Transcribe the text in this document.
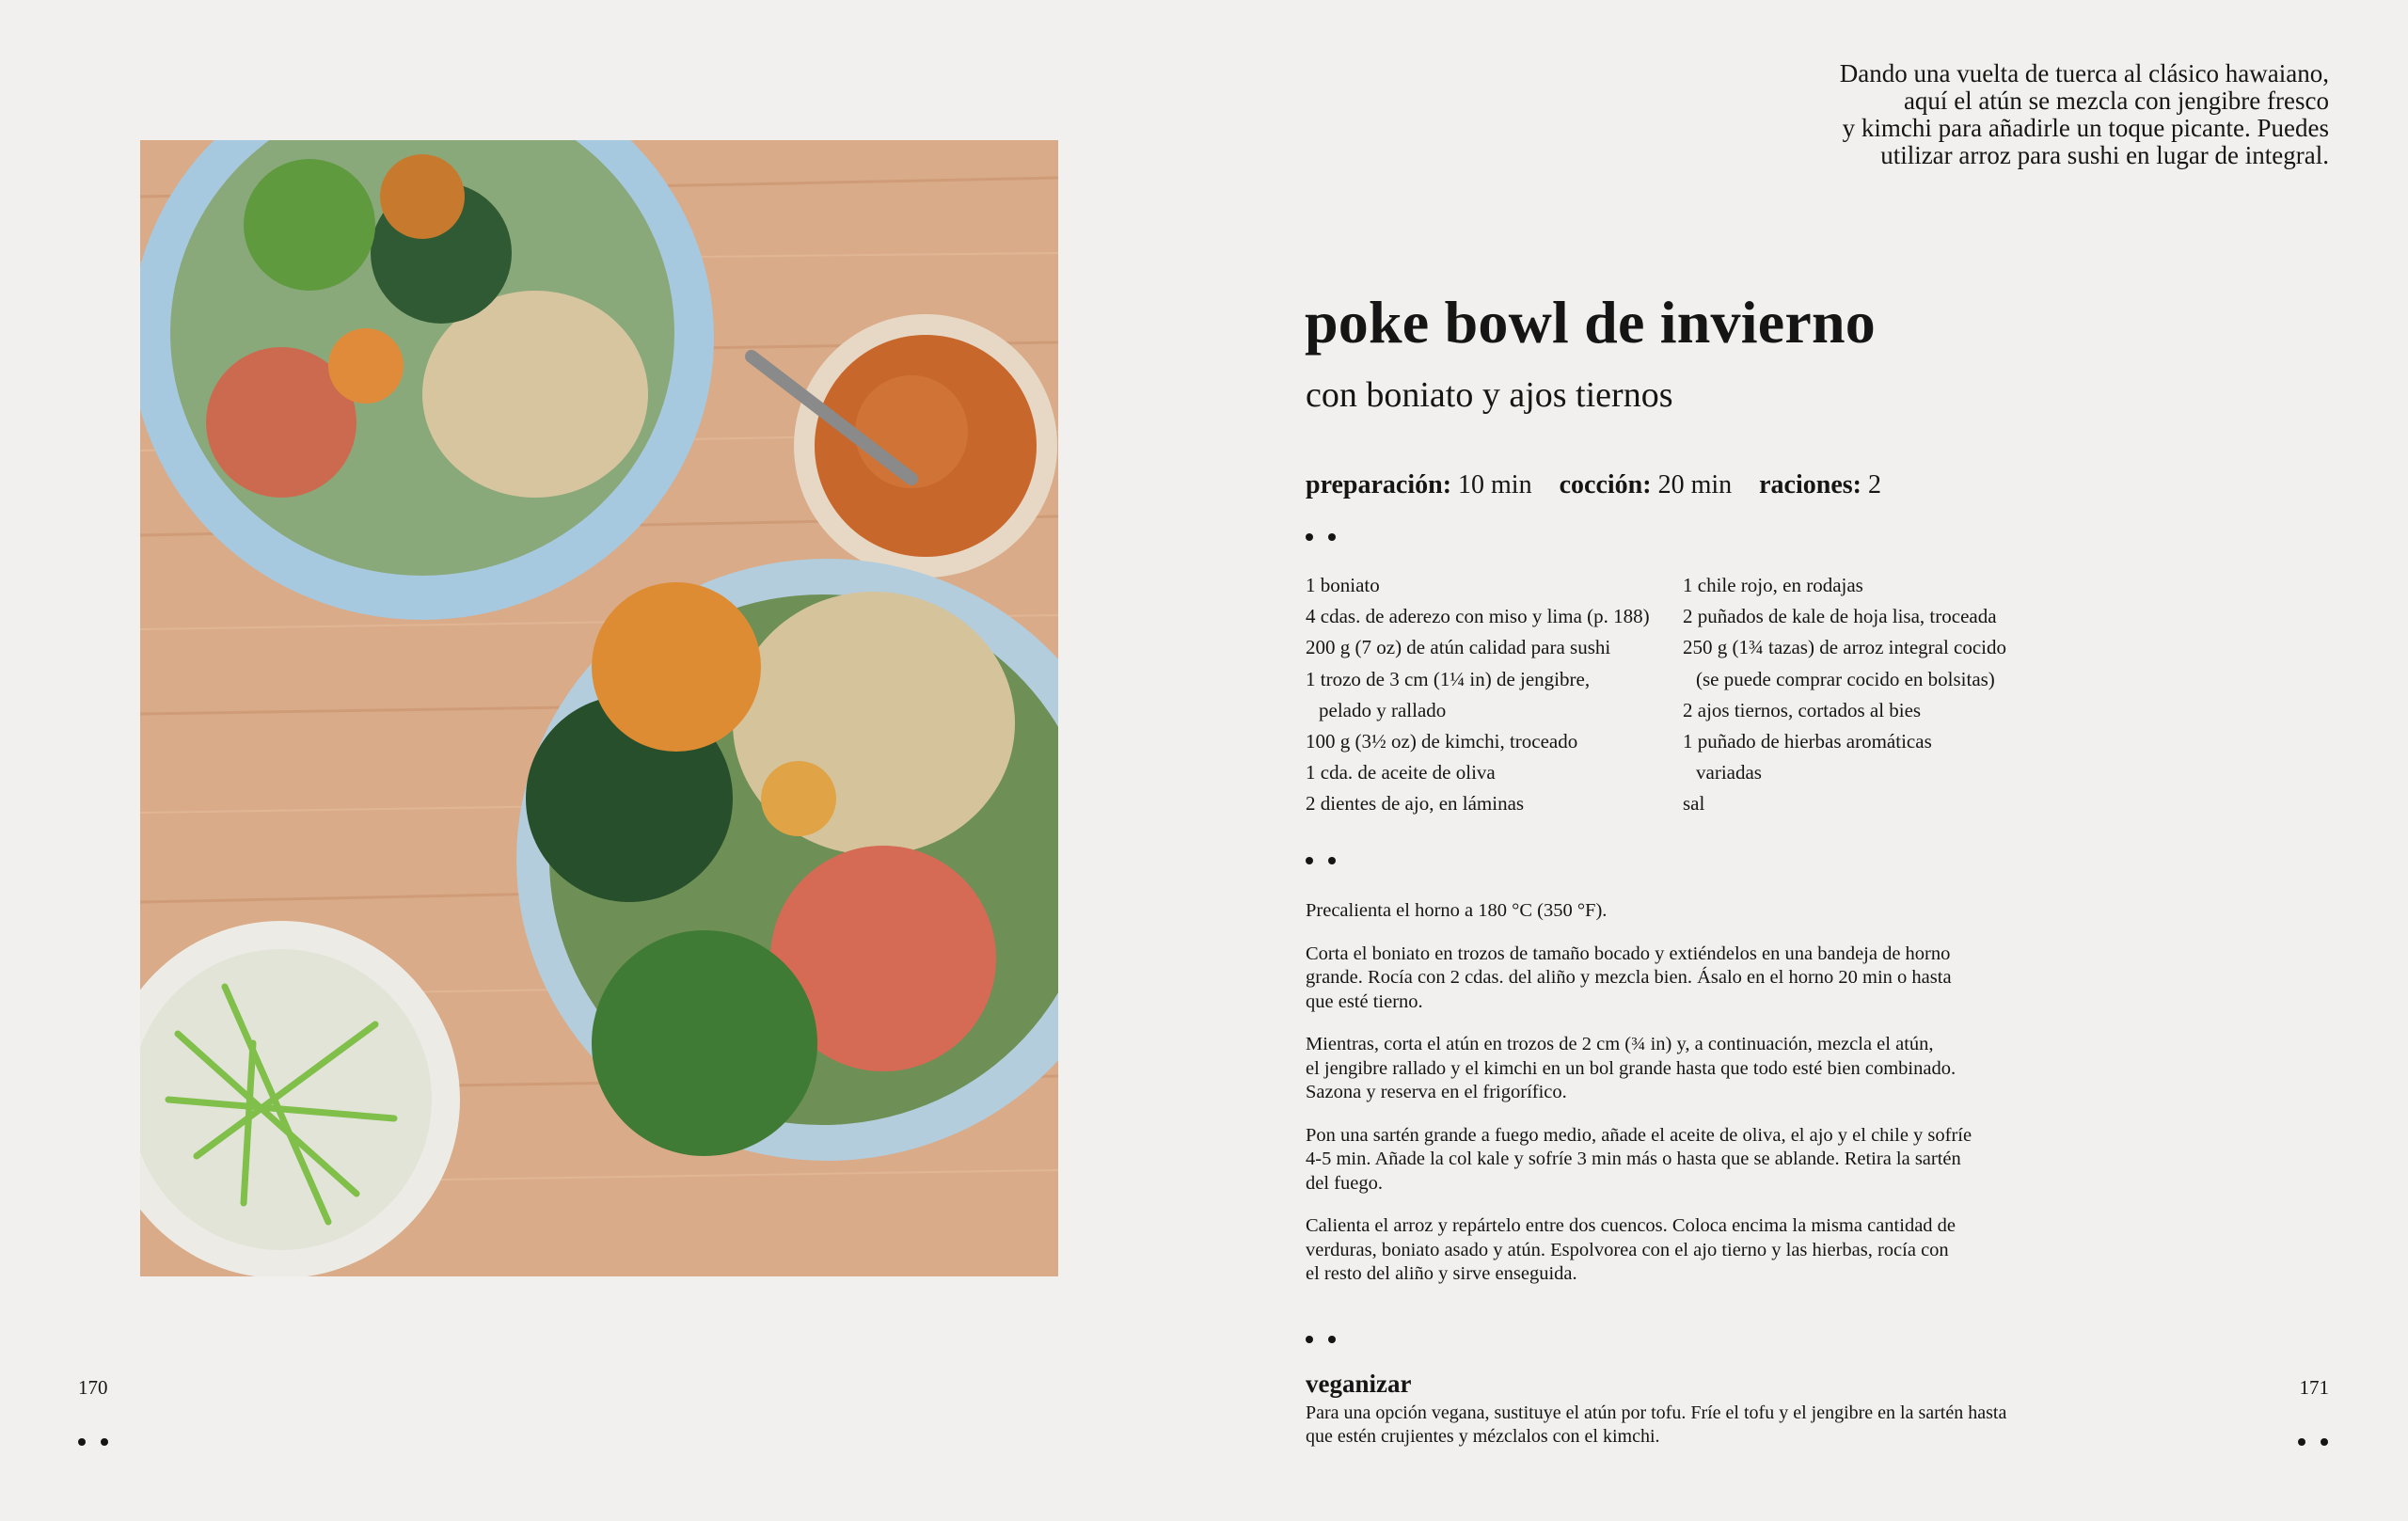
Dando una vuelta de tuerca al clásico hawaiano,
aquí el atún se mezcla con jengibre fresco
y kimchi para añadirle un toque picante. Puedes
utilizar arroz para sushi en lugar de integral.
poke bowl de invierno
con boniato y ajos tiernos
preparación: 10 min cocción: 20 min raciones: 2
1 boniato
4 cdas. de aderezo con miso y lima (p. 188)
200 g (7 oz) de atún calidad para sushi
1 trozo de 3 cm (1¼ in) de jengibre,
pelado y rallado
100 g (3½ oz) de kimchi, troceado
1 cda. de aceite de oliva
2 dientes de ajo, en láminas
1 chile rojo, en rodajas
2 puñados de kale de hoja lisa, troceada
250 g (1¾ tazas) de arroz integral cocido
(se puede comprar cocido en bolsitas)
2 ajos tiernos, cortados al bies
1 puñado de hierbas aromáticas
variadas
sal

Precalienta el horno a 180 °C (350 °F).

Corta el boniato en trozos de tamaño bocado y extiéndelos en una bandeja de horno
grande. Rocía con 2 cdas. del aliño y mezcla bien. Ásalo en el horno 20 min o hasta
que esté tierno.

Mientras, corta el atún en trozos de 2 cm (¾ in) y, a continuación, mezcla el atún,
el jengibre rallado y el kimchi en un bol grande hasta que todo esté bien combinado.
Sazona y reserva en el frigorífico.

Pon una sartén grande a fuego medio, añade el aceite de oliva, el ajo y el chile y sofríe
4-5 min. Añade la col kale y sofríe 3 min más o hasta que se ablande. Retira la sartén
del fuego.

Calienta el arroz y repártelo entre dos cuencos. Coloca encima la misma cantidad de
verduras, boniato asado y atún. Espolvorea con el ajo tierno y las hierbas, rocía con
el resto del aliño y sirve enseguida.

veganizar
Para una opción vegana, sustituye el atún por tofu. Fríe el tofu y el jengibre en la sartén hasta
que estén crujientes y mézclalos con el kimchi.
170	171
